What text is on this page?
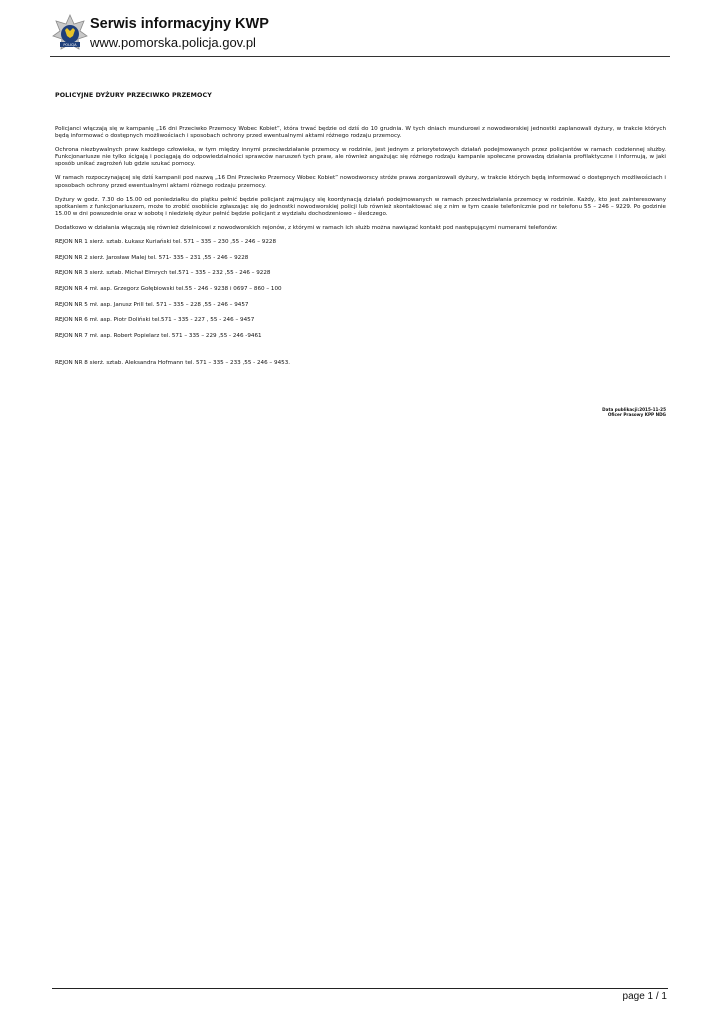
POLICJA
Serwis informacyjny KWP
www.pomorska.policja.gov.pl
POLICYJNE DYŻURY PRZECIWKO PRZEMOCY

Policjanci włączają się w kampanię „16 dni Przeciwko Przemocy Wobec Kobiet”, która trwać będzie od dziś do 10 grudnia. W tych dniach mundurowi z nowodworskiej jednostki zaplanowali dyżury, w trakcie których będą informować o dostępnych możliwościach i sposobach ochrony przed ewentualnymi aktami różnego rodzaju przemocy.

Ochrona niezbywalnych praw każdego człowieka, w tym między innymi przeciwdziałanie przemocy w rodzinie, jest jednym z priorytetowych działań podejmowanych przez policjantów w ramach codziennej służby. Funkcjonariusze nie tylko ścigają i pociągają do odpowiedzialności sprawców naruszeń tych praw, ale również angażując się różnego rodzaju kampanie społeczne prowadzą działania profilaktyczne i informują, w jaki sposób unikać zagrożeń lub gdzie szukać pomocy.

W ramach rozpoczynającej się dziś kampanii pod nazwą „16 Dni Przeciwko Przemocy Wobec Kobiet” nowodworscy stróże prawa zorganizowali dyżury, w trakcie których będą informować o dostępnych możliwościach i sposobach ochrony przed ewentualnymi aktami różnego rodzaju przemocy.

Dyżury w godz. 7.30 do 15.00 od poniedziałku do piątku pełnić będzie policjant zajmujący się koordynacją działań podejmowanych w ramach przeciwdziałania przemocy w rodzinie. Każdy, kto jest zainteresowany spotkaniem z funkcjonariuszem, może to zrobić osobiście zgłaszając się do jednostki nowodworskiej policji lub również skontaktować się z nim w tym czasie telefonicznie pod nr telefonu 55 – 246 – 9229. Po godzinie 15.00 w dni powszednie oraz w sobotę i niedzielę dyżur pełnić będzie policjant z wydziału dochodzeniowo – śledczego.

Dodatkowo w działania włączają się również dzielnicowi z nowodworskich rejonów, z którymi w ramach ich służb można nawiązać kontakt pod następującymi numerami telefonów:

REJON NR 1 sierż. sztab. Łukasz Kuriański tel. 571 – 335 – 230 ,55 - 246 – 9228
REJON NR 2 sierż. Jarosław Malej tel. 571- 335 – 231 ,55 - 246 – 9228
REJON NR 3 sierż. sztab. Michał Elmrych tel.571 – 335 – 232 ,55 - 246 – 9228
REJON NR 4 mł. asp. Grzegorz Gołębiowski tel.55 - 246 - 9238 i 0697 – 860 – 100
REJON NR 5 mł. asp. Janusz Prill tel. 571 – 335 – 228 ,55 - 246 – 9457
REJON NR 6 mł. asp. Piotr Doliński tel.571 – 335 - 227 , 55 - 246 – 9457
REJON NR 7 mł. asp. Robert Popielarz tel. 571 – 335 – 229 ,55 - 246 -9461
REJON NR 8 sierż. sztab. Aleksandra Hofmann tel. 571 – 335 – 233 ,55 - 246 – 9453.
Data publikacji:2015-11-25
Oficer Prasowy KPP NDG
page 1 / 1
